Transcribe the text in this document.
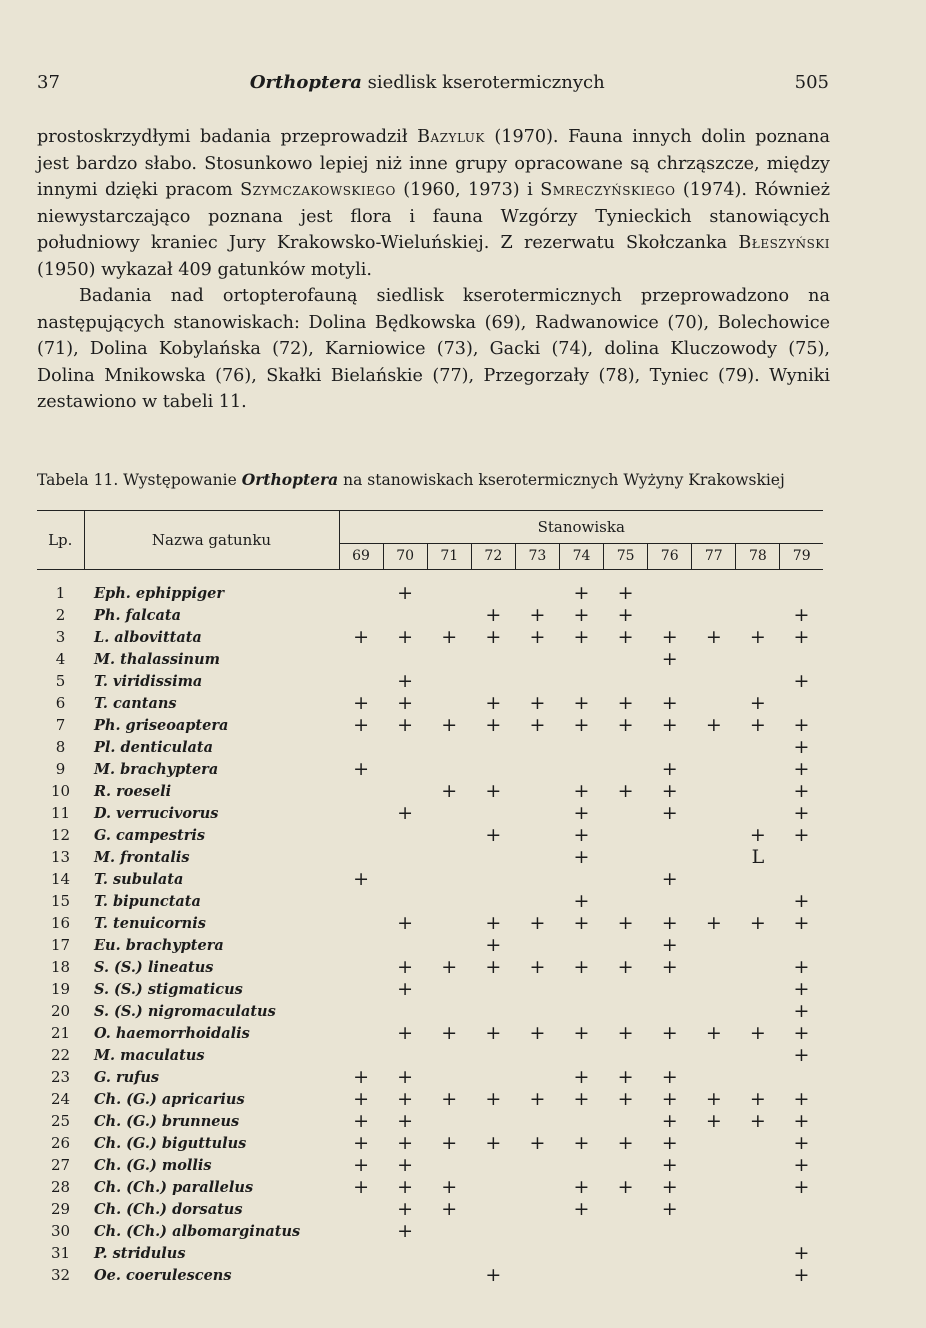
37	Orthoptera siedlisk kserotermicznych	505

prostoskrzydłymi badania przeprowadził Bazyluk (1970). Fauna innych dolin poznana jest bardzo słabo. Stosunkowo lepiej niż inne grupy opracowane są chrząszcze, między innymi dzięki pracom Szymczakowskiego (1960, 1973) i Smreczyńskiego (1974). Również niewystarczająco poznana jest flora i fauna Wzgórzy Tynieckich stanowiących południowy kraniec Jury Krakowsko-Wieluńskiej. Z rezerwatu Skołczanka Błeszyński (1950) wykazał 409 gatunków motyli.

Badania nad ortopterofauną siedlisk kserotermicznych przeprowadzono na następujących stanowiskach: Dolina Będkowska (69), Radwanowice (70), Bolechowice (71), Dolina Kobylańska (72), Karniowice (73), Gacki (74), dolina Kluczowody (75), Dolina Mnikowska (76), Skałki Bielańskie (77), Przegorzały (78), Tyniec (79). Wyniki zestawiono w tabeli 11.

Tabela 11. Występowanie Orthoptera na stanowiskach kserotermicznych Wyżyny Krakowskiej
Lp.	Nazwa gatunku	Stanowiska										
		69	70	71	72	73	74	75	76	77	78	79

1	Eph. ephippiger		+				+	+				
2	Ph. falcata				+	+	+	+				+
3	L. albovittata	+	+	+	+	+	+	+	+	+	+	+
4	M. thalassinum								+			
5	T. viridissima		+									+
6	T. cantans	+	+		+	+	+	+	+		+	
7	Ph. griseoaptera	+	+	+	+	+	+	+	+	+	+	+
8	Pl. denticulata											+
9	M. brachyptera	+							+			+
10	R. roeseli			+	+		+	+	+			+
11	D. verrucivorus		+				+		+			+
12	G. campestris				+		+				+	+
13	M. frontalis						+				L	
14	T. subulata	+							+			
15	T. bipunctata						+					+
16	T. tenuicornis		+		+	+	+	+	+	+	+	+
17	Eu. brachyptera				+				+			
18	S. (S.) lineatus		+	+	+	+	+	+	+			+
19	S. (S.) stigmaticus		+									+
20	S. (S.) nigromaculatus											+
21	O. haemorrhoidalis		+	+	+	+	+	+	+	+	+	+
22	M. maculatus											+
23	G. rufus	+	+				+	+	+			
24	Ch. (G.) apricarius	+	+	+	+	+	+	+	+	+	+	+
25	Ch. (G.) brunneus	+	+						+	+	+	+
26	Ch. (G.) biguttulus	+	+	+	+	+	+	+	+			+
27	Ch. (G.) mollis	+	+						+			+
28	Ch. (Ch.) parallelus	+	+	+			+	+	+			+
29	Ch. (Ch.) dorsatus		+	+			+		+			
30	Ch. (Ch.) albomarginatus		+									
31	P. stridulus											+
32	Oe. coerulescens				+							+
